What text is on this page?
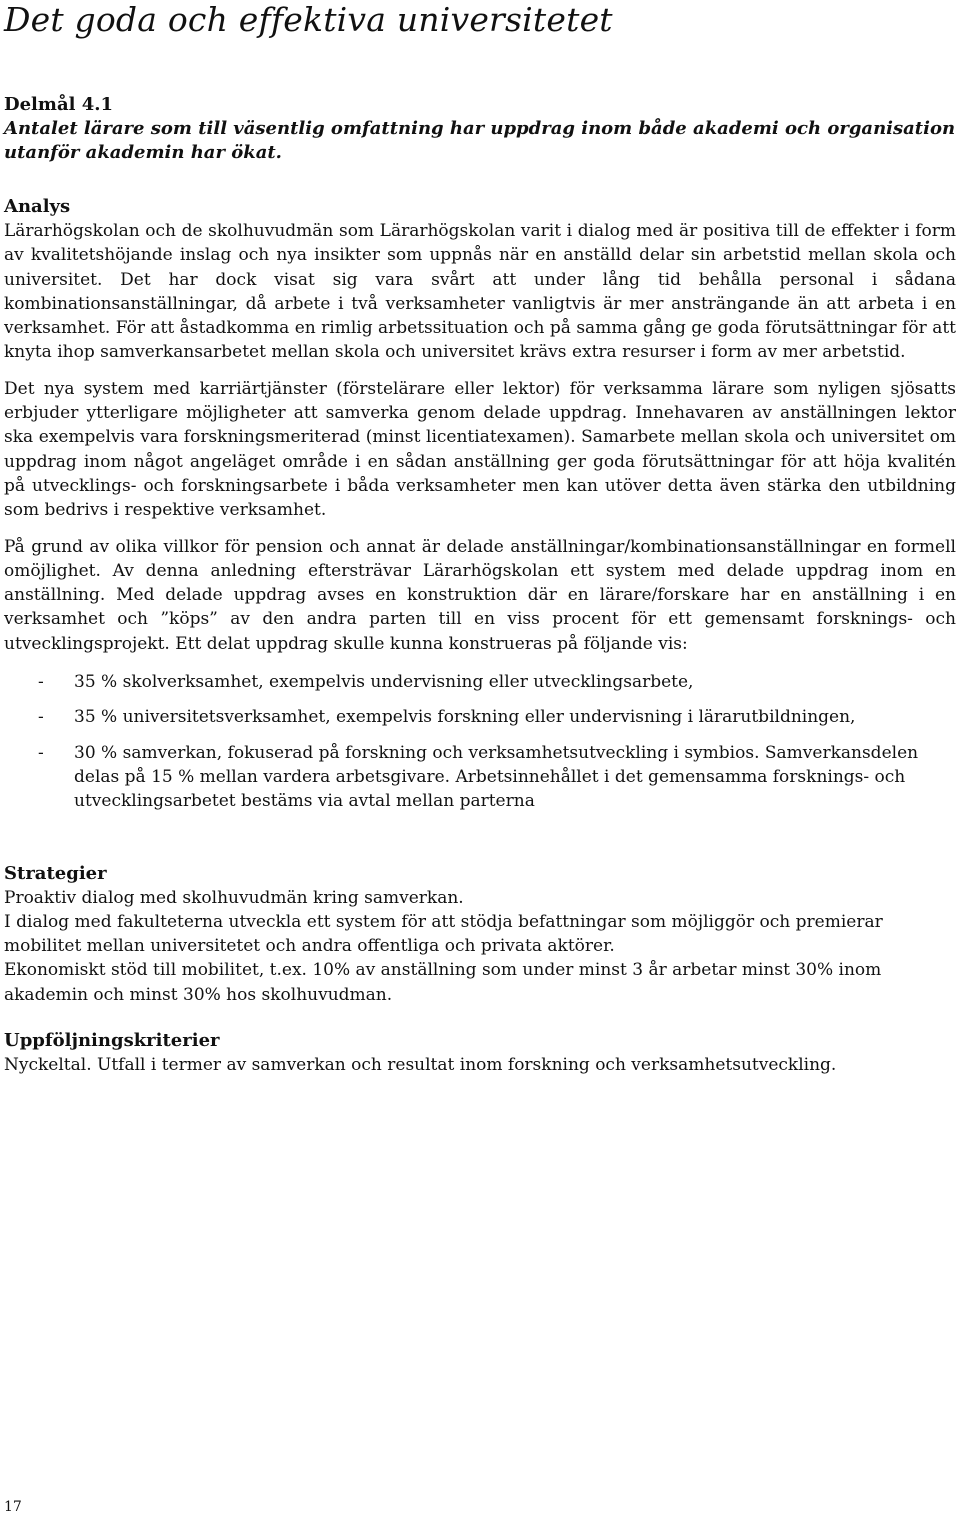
Det goda och effektiva universitetet
Delmål 4.1
Antalet lärare som till väsentlig omfattning har uppdrag inom både akademi och organisation utanför akademin har ökat.
Analys

Lärarhögskolan och de skolhuvudmän som Lärarhögskolan varit i dialog med är positiva till de effekter i form av kvalitetshöjande inslag och nya insikter som uppnås när en anställd delar sin arbetstid mellan skola och universitet. Det har dock visat sig vara svårt att under lång tid behålla personal i sådana kombinationsanställningar, då arbete i två verksamheter vanligtvis är mer ansträngande än att arbeta i en verksamhet. För att åstadkomma en rimlig arbetssituation och på samma gång ge goda förutsättningar för att knyta ihop samverkansarbetet mellan skola och universitet krävs extra resurser i form av mer arbetstid.

Det nya system med karriärtjänster (förstelärare eller lektor) för verksamma lärare som nyligen sjösatts erbjuder ytterligare möjligheter att samverka genom delade uppdrag. Innehavaren av anställningen lektor ska exempelvis vara forskningsmeriterad (minst licentiatexamen). Samarbete mellan skola och universitet om uppdrag inom något angeläget område i en sådan anställning ger goda förutsättningar för att höja kvalitén på utvecklings- och forskningsarbete i båda verksamheter men kan utöver detta även stärka den utbildning som bedrivs i respektive verksamhet.

På grund av olika villkor för pension och annat är delade anställningar/kombinationsanställningar en formell omöjlighet. Av denna anledning eftersträvar Lärarhögskolan ett system med delade uppdrag inom en anställning. Med delade uppdrag avses en konstruktion där en lärare/forskare har en anställning i en verksamhet och ”köps” av den andra parten till en viss procent för ett gemensamt forsknings- och utvecklingsprojekt. Ett delat uppdrag skulle kunna konstrueras på följande vis:

- 35 % skolverksamhet, exempelvis undervisning eller utvecklingsarbete,
- 35 % universitetsverksamhet, exempelvis forskning eller undervisning i lärarutbildningen,
- 30 % samverkan, fokuserad på forskning och verksamhetsutveckling i symbios. Samverkansdelen delas på 15 % mellan vardera arbetsgivare. Arbetsinnehållet i det gemensamma forsknings- och utvecklingsarbetet bestäms via avtal mellan parterna
Strategier
Proaktiv dialog med skolhuvudmän kring samverkan.
I dialog med fakulteterna utveckla ett system för att stödja befattningar som möjliggör och premierar mobilitet mellan universitetet och andra offentliga och privata aktörer.
Ekonomiskt stöd till mobilitet, t.ex. 10% av anställning som under minst 3 år arbetar minst 30% inom akademin och minst 30% hos skolhuvudman.
Uppföljningskriterier
Nyckeltal. Utfall i termer av samverkan och resultat inom forskning och verksamhetsutveckling.
17
